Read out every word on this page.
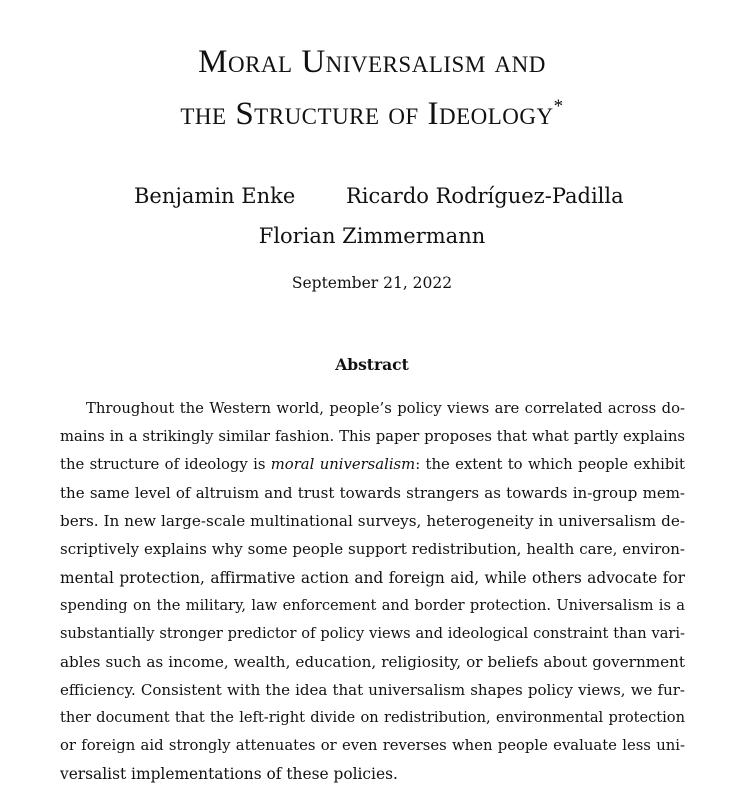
Moral Universalism and
the Structure of Ideology*
Benjamin Enke Ricardo Rodríguez-Padilla
Florian Zimmermann
September 21, 2022
Abstract
Throughout the Western world, people’s policy views are correlated across do-
mains in a strikingly similar fashion. This paper proposes that what partly explains
the structure of ideology is moral universalism: the extent to which people exhibit
the same level of altruism and trust towards strangers as towards in-group mem-
bers. In new large-scale multinational surveys, heterogeneity in universalism de-
scriptively explains why some people support redistribution, health care, environ-
mental protection, affirmative action and foreign aid, while others advocate for
spending on the military, law enforcement and border protection. Universalism is a
substantially stronger predictor of policy views and ideological constraint than vari-
ables such as income, wealth, education, religiosity, or beliefs about government
efficiency. Consistent with the idea that universalism shapes policy views, we fur-
ther document that the left-right divide on redistribution, environmental protection
or foreign aid strongly attenuates or even reverses when people evaluate less uni-
versalist implementations of these policies.
